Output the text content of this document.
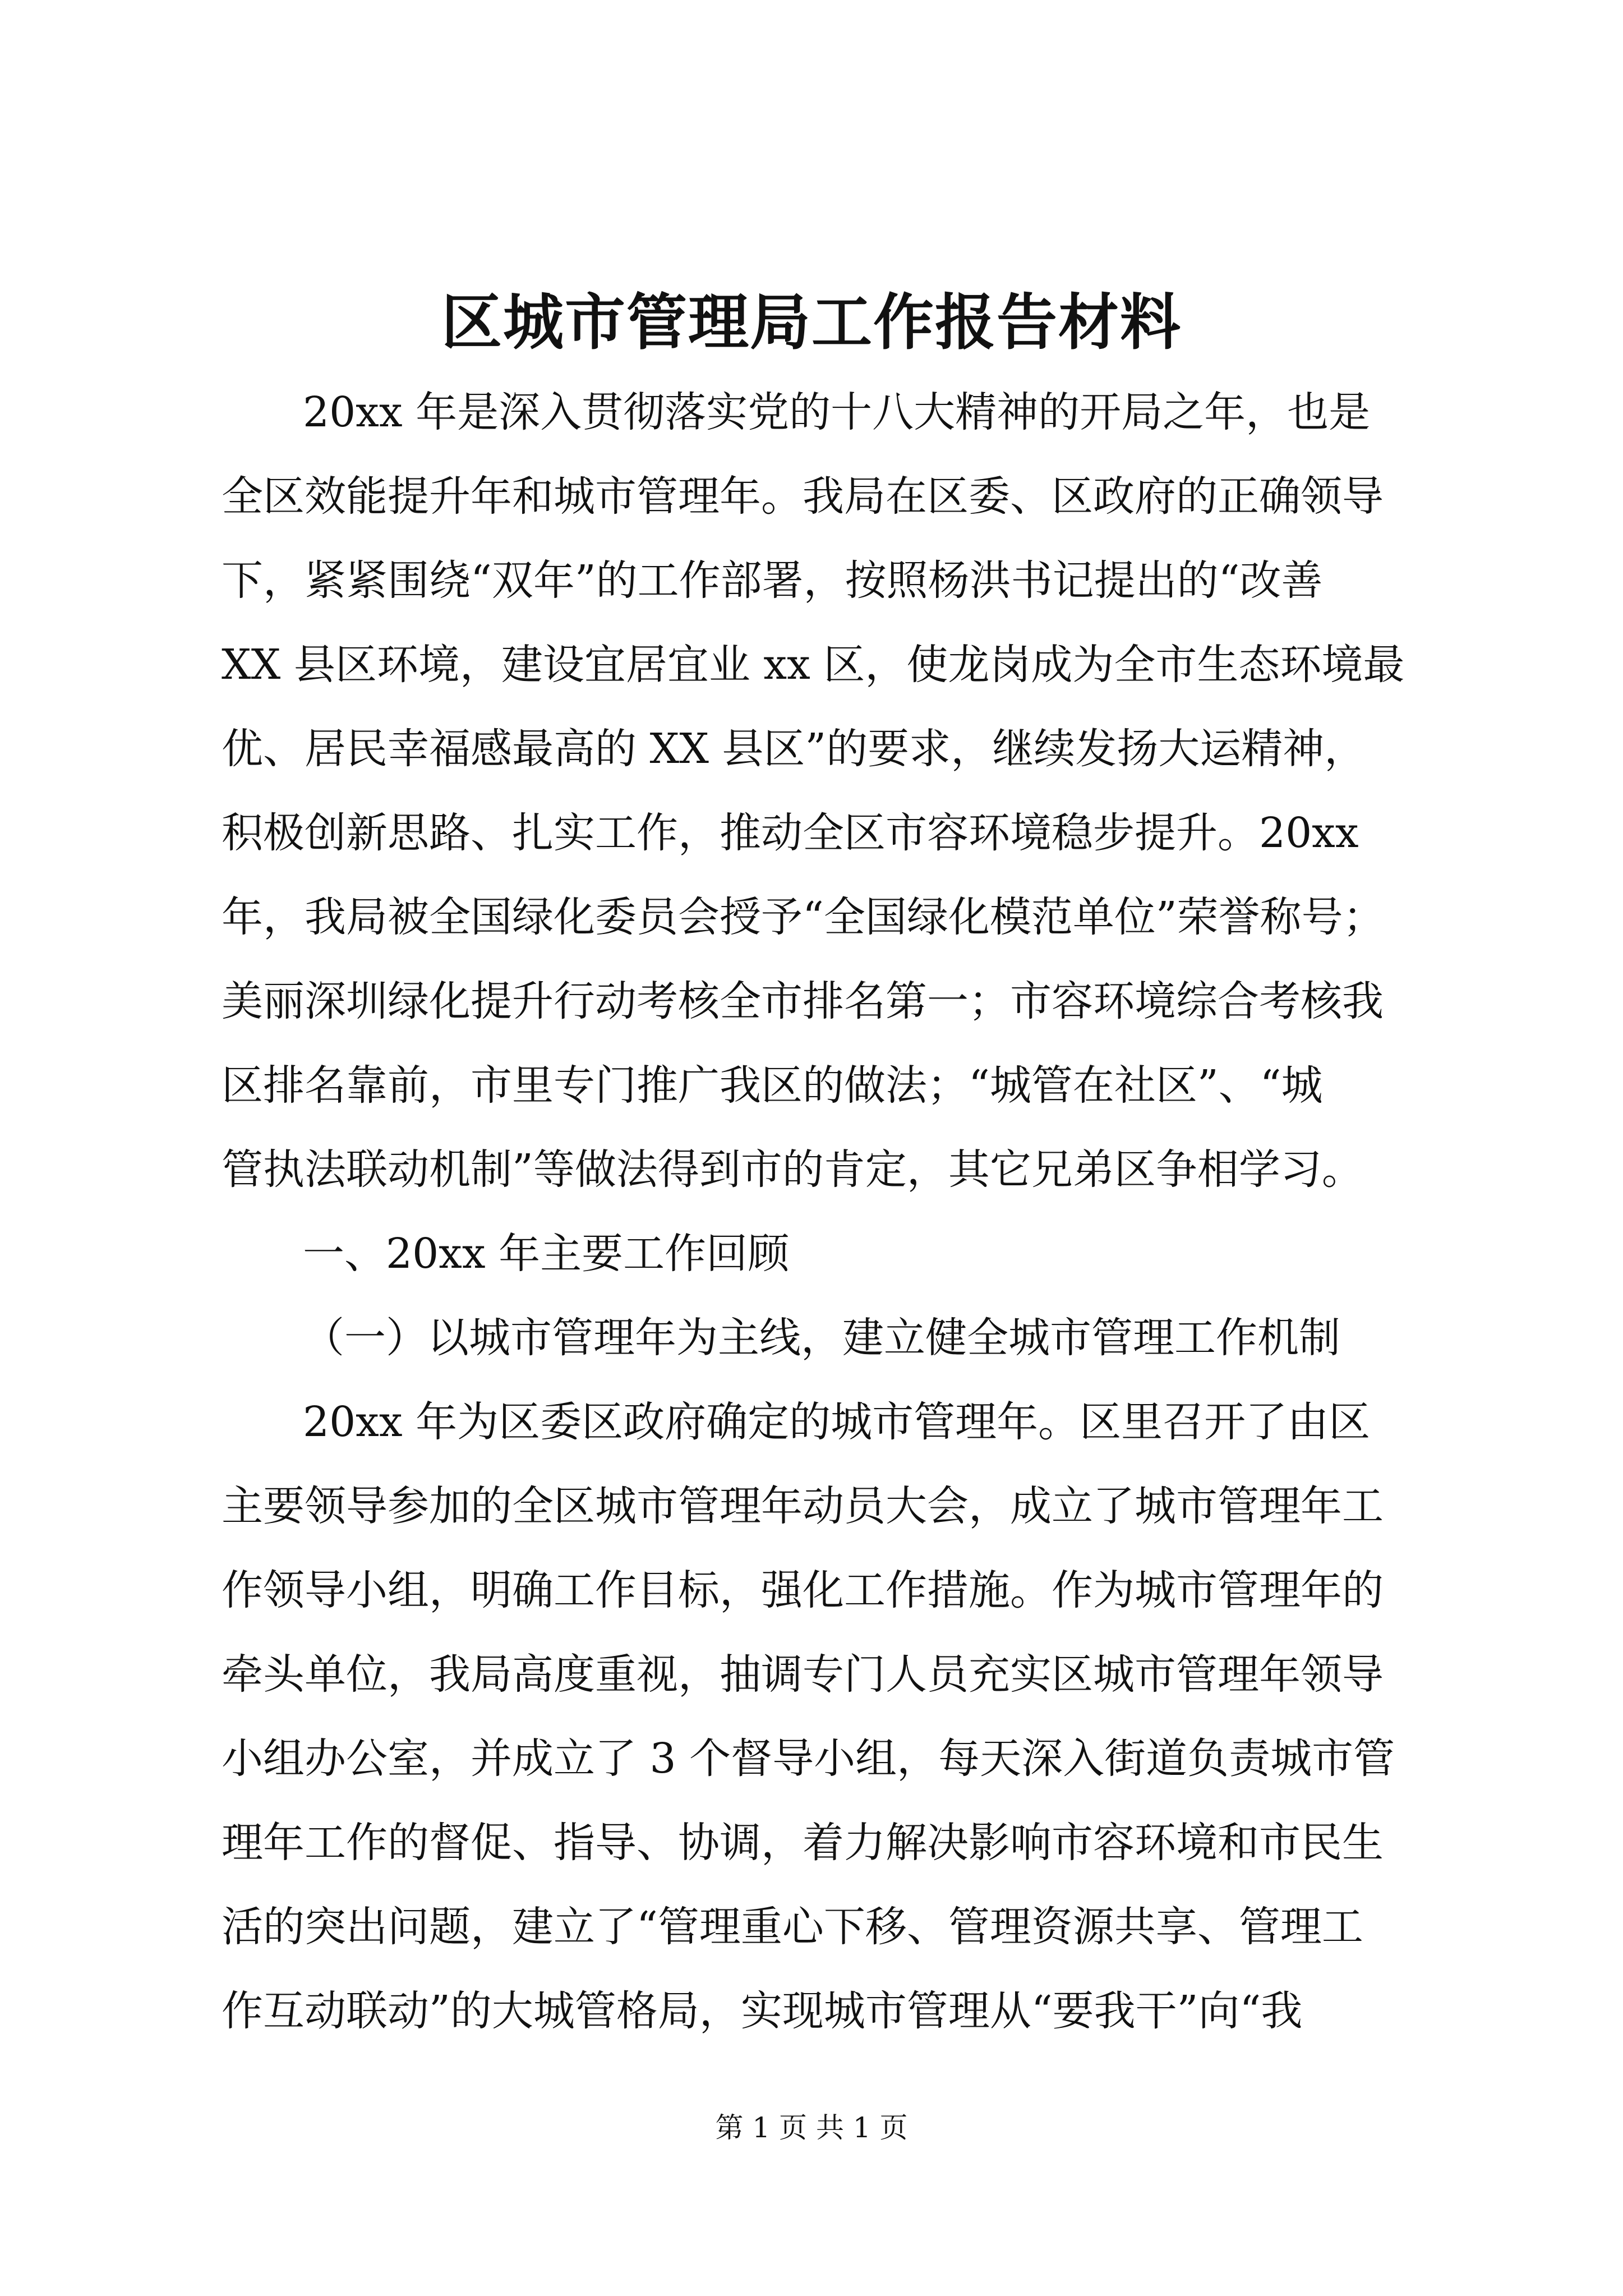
区城市管理局工作报告材料
20xx 年是深入贯彻落实党的十八大精神的开局之年，也是
全区效能提升年和城市管理年。我局在区委、区政府的正确领导
下，紧紧围绕“双年”的工作部署，按照杨洪书记提出的“改善
XX 县区环境，建设宜居宜业 xx 区，使龙岗成为全市生态环境最
优、居民幸福感最高的 XX 县区”的要求，继续发扬大运精神，
积极创新思路、扎实工作，推动全区市容环境稳步提升。20xx
年，我局被全国绿化委员会授予“全国绿化模范单位”荣誉称号；
美丽深圳绿化提升行动考核全市排名第一；市容环境综合考核我
区排名靠前，市里专门推广我区的做法；“城管在社区”、“城
管执法联动机制”等做法得到市的肯定，其它兄弟区争相学习。
一、20xx 年主要工作回顾
（一）以城市管理年为主线，建立健全城市管理工作机制
20xx 年为区委区政府确定的城市管理年。区里召开了由区
主要领导参加的全区城市管理年动员大会，成立了城市管理年工
作领导小组，明确工作目标，强化工作措施。作为城市管理年的
牵头单位，我局高度重视，抽调专门人员充实区城市管理年领导
小组办公室，并成立了 3 个督导小组，每天深入街道负责城市管
理年工作的督促、指导、协调，着力解决影响市容环境和市民生
活的突出问题，建立了“管理重心下移、管理资源共享、管理工
作互动联动”的大城管格局，实现城市管理从“要我干”向“我
第 1 页 共 1 页
